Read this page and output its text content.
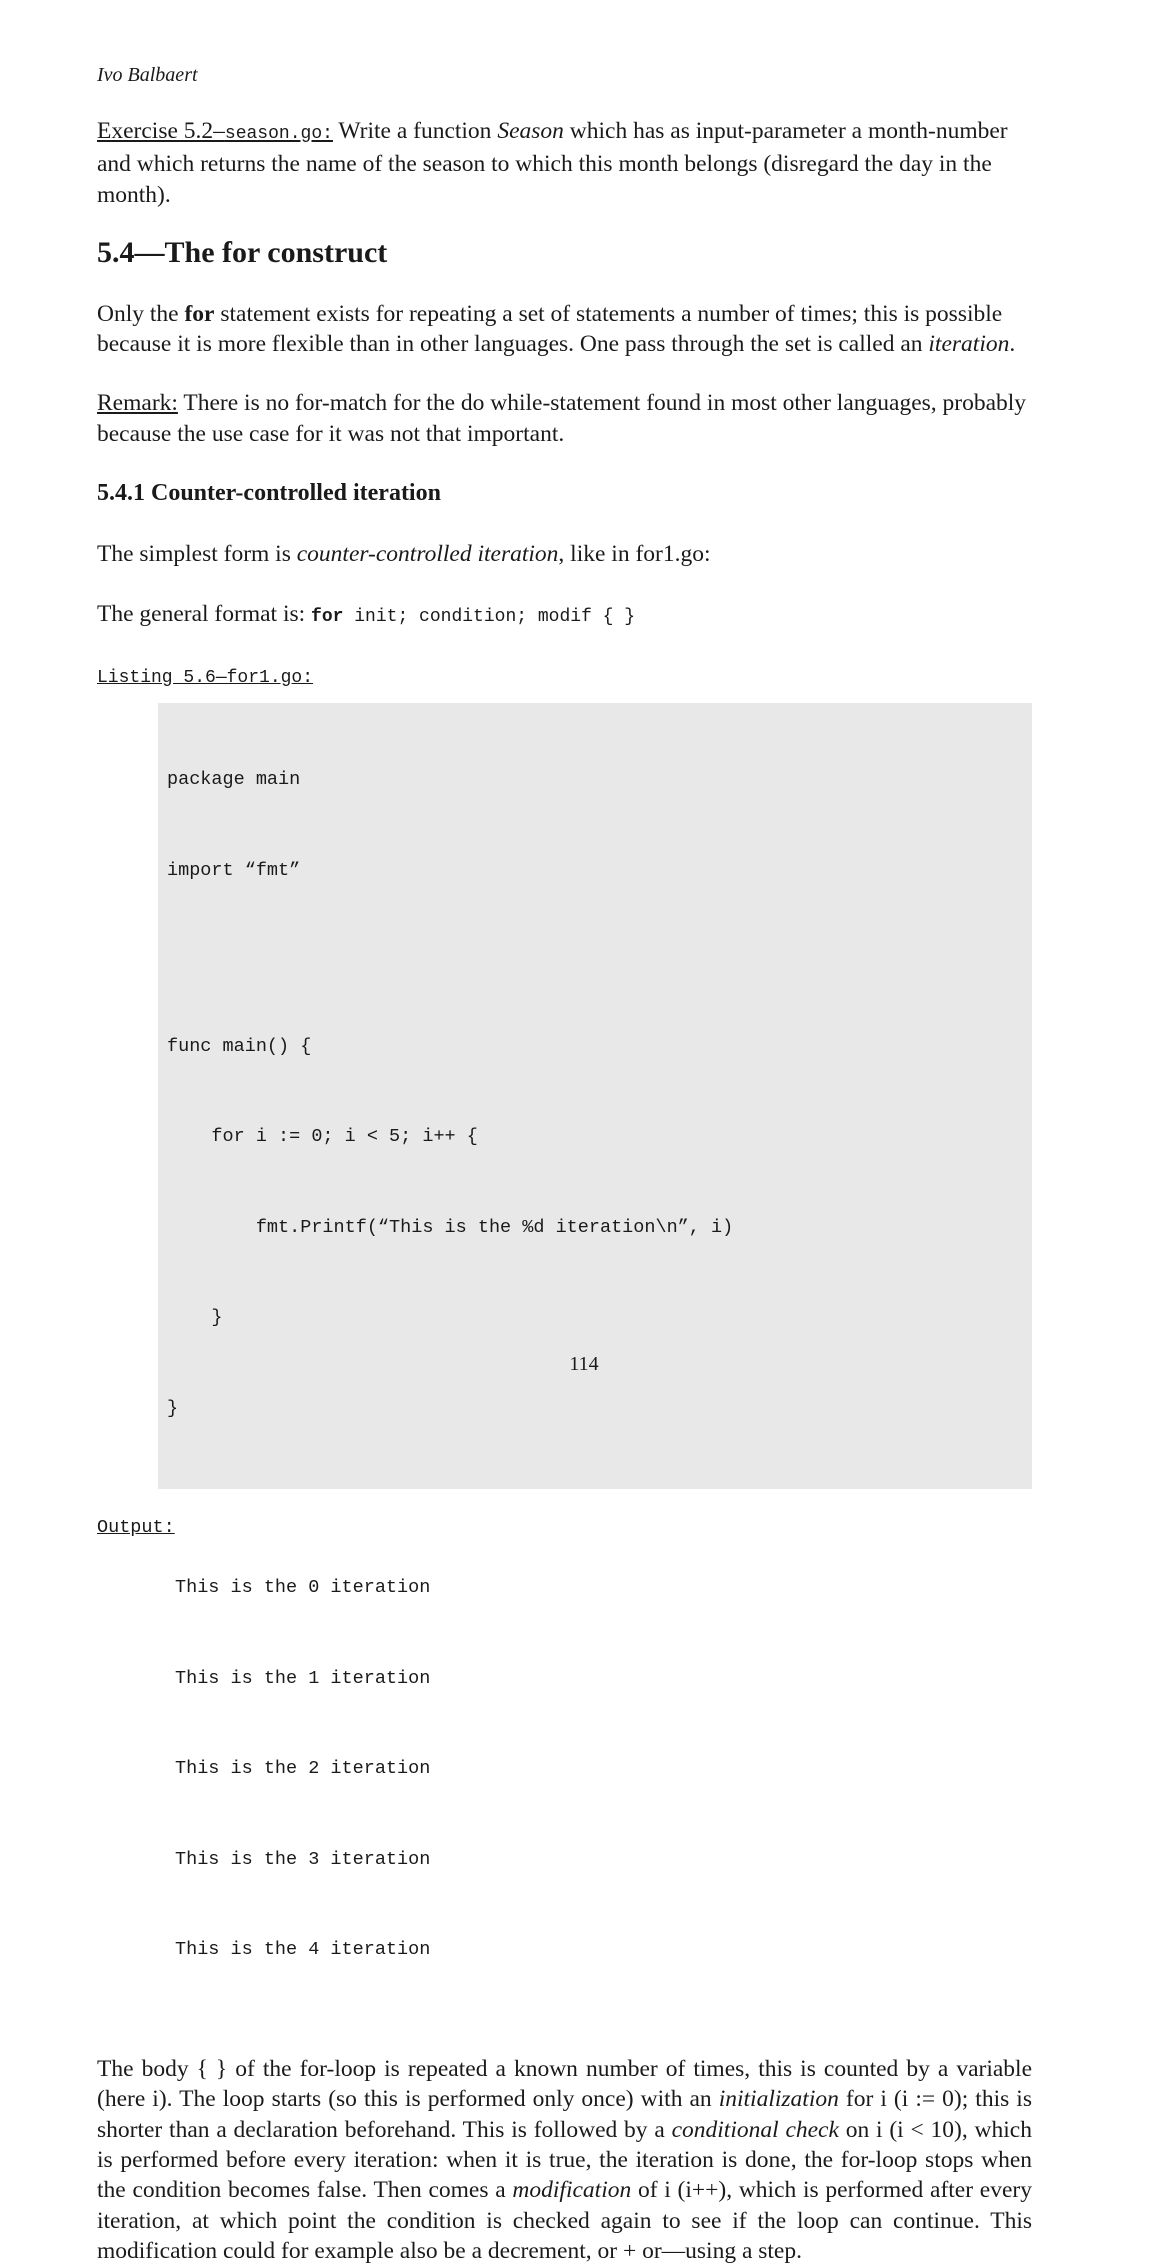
Ivo Balbaert

Exercise 5.2–season.go: Write a function Season which has as input-parameter a month-number and which returns the name of the season to which this month belongs (disregard the day in the month).

5.4—The for construct

Only the for statement exists for repeating a set of statements a number of times; this is possible because it is more flexible than in other languages. One pass through the set is called an iteration.

Remark: There is no for-match for the do while-statement found in most other languages, probably because the use case for it was not that important.

5.4.1 Counter-controlled iteration

The simplest form is counter-controlled iteration, like in for1.go:

The general format is: for init; condition; modif { }

Listing 5.6—for1.go:

package main

import “fmt”

func main() {

for i := 0; i < 5; i++ {

fmt.Printf(“This is the %d iteration\n”, i)

}

}

Output:

This is the 0 iteration

This is the 1 iteration

This is the 2 iteration

This is the 3 iteration

This is the 4 iteration

The body { } of the for-loop is repeated a known number of times, this is counted by a variable (here i). The loop starts (so this is performed only once) with an initialization for i (i := 0); this is shorter than a declaration beforehand. This is followed by a conditional check on i (i < 10), which is performed before every iteration: when it is true, the iteration is done, the for-loop stops when the condition becomes false. Then comes a modification of i (i++), which is performed after every iteration, at which point the condition is checked again to see if the loop can continue. This modification could for example also be a decrement, or + or—using a step.

114
